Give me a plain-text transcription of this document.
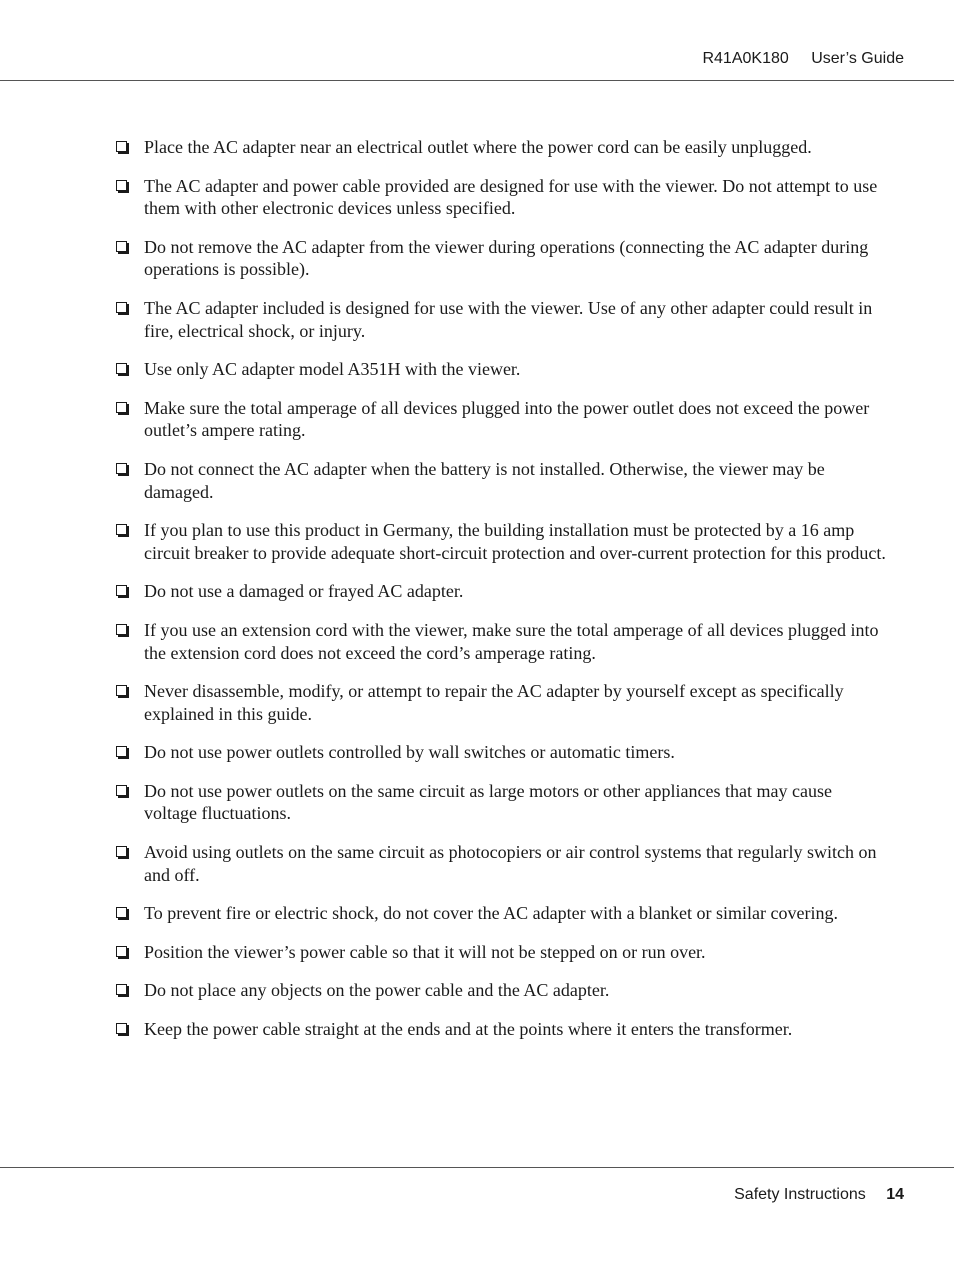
R41A0K180 User’s Guide
Place the AC adapter near an electrical outlet where the power cord can be easily unplugged.
The AC adapter and power cable provided are designed for use with the viewer. Do not attempt to use them with other electronic devices unless specified.
Do not remove the AC adapter from the viewer during operations (connecting the AC adapter during operations is possible).
The AC adapter included is designed for use with the viewer. Use of any other adapter could result in fire, electrical shock, or injury.
Use only AC adapter model A351H with the viewer.
Make sure the total amperage of all devices plugged into the power outlet does not exceed the power outlet’s ampere rating.
Do not connect the AC adapter when the battery is not installed. Otherwise, the viewer may be damaged.
If you plan to use this product in Germany, the building installation must be protected by a 16 amp circuit breaker to provide adequate short-circuit protection and over-current protection for this product.
Do not use a damaged or frayed AC adapter.
If you use an extension cord with the viewer, make sure the total amperage of all devices plugged into the extension cord does not exceed the cord’s amperage rating.
Never disassemble, modify, or attempt to repair the AC adapter by yourself except as specifically explained in this guide.
Do not use power outlets controlled by wall switches or automatic timers.
Do not use power outlets on the same circuit as large motors or other appliances that may cause voltage fluctuations.
Avoid using outlets on the same circuit as photocopiers or air control systems that regularly switch on and off.
To prevent fire or electric shock, do not cover the AC adapter with a blanket or similar covering.
Position the viewer’s power cable so that it will not be stepped on or run over.
Do not place any objects on the power cable and the AC adapter.
Keep the power cable straight at the ends and at the points where it enters the transformer.
Safety Instructions 14
